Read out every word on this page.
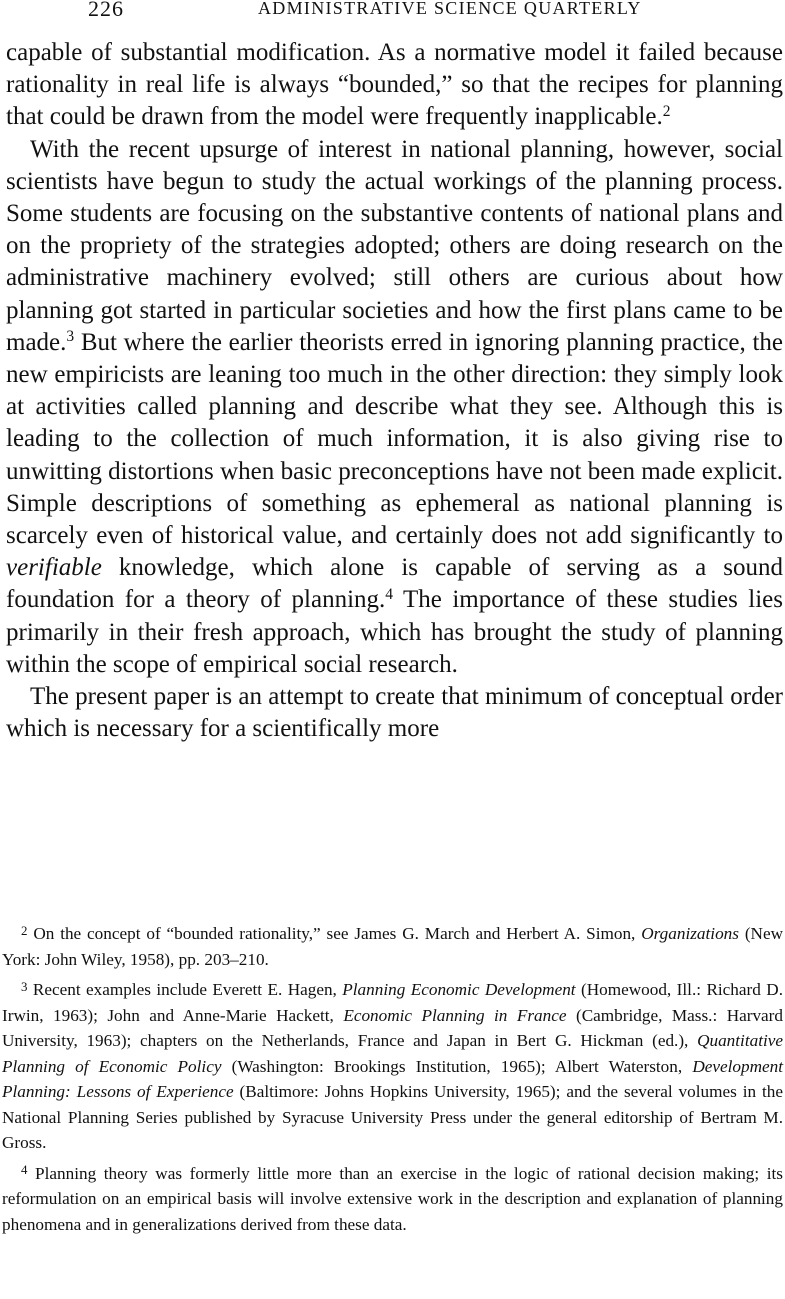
226	ADMINISTRATIVE SCIENCE QUARTERLY

capable of substantial modification. As a normative model it failed because rationality in real life is always “bounded,” so that the recipes for planning that could be drawn from the model were frequently inapplicable.$^2$

With the recent upsurge of interest in national planning, however, social scientists have begun to study the actual workings of the planning process. Some students are focusing on the substantive contents of national plans and on the propriety of the strategies adopted; others are doing research on the administrative machinery evolved; still others are curious about how planning got started in particular societies and how the first plans came to be made.$^3$ But where the earlier theorists erred in ignoring planning practice, the new empiricists are leaning too much in the other direction: they simply look at activities called planning and describe what they see. Although this is leading to the collection of much information, it is also giving rise to unwitting distortions when basic preconceptions have not been made explicit. Simple descriptions of something as ephemeral as national planning is scarcely even of historical value, and certainly does not add significantly to verifiable knowledge, which alone is capable of serving as a sound foundation for a theory of planning.$^4$ The importance of these studies lies primarily in their fresh approach, which has brought the study of planning within the scope of empirical social research.

The present paper is an attempt to create that minimum of conceptual order which is necessary for a scientifically more

$^2$ On the concept of “bounded rationality,” see James G. March and Herbert A. Simon, Organizations (New York: John Wiley, 1958), pp. 203–210.

$^3$ Recent examples include Everett E. Hagen, Planning Economic Development (Homewood, Ill.: Richard D. Irwin, 1963); John and Anne-Marie Hackett, Economic Planning in France (Cambridge, Mass.: Harvard University, 1963); chapters on the Netherlands, France and Japan in Bert G. Hickman (ed.), Quantitative Planning of Economic Policy (Washington: Brookings Institution, 1965); Albert Waterston, Development Planning: Lessons of Experience (Baltimore: Johns Hopkins University, 1965); and the several volumes in the National Planning Series published by Syracuse University Press under the general editorship of Bertram M. Gross.

$^4$ Planning theory was formerly little more than an exercise in the logic of rational decision making; its reformulation on an empirical basis will involve extensive work in the description and explanation of planning phenomena and in generalizations derived from these data.
